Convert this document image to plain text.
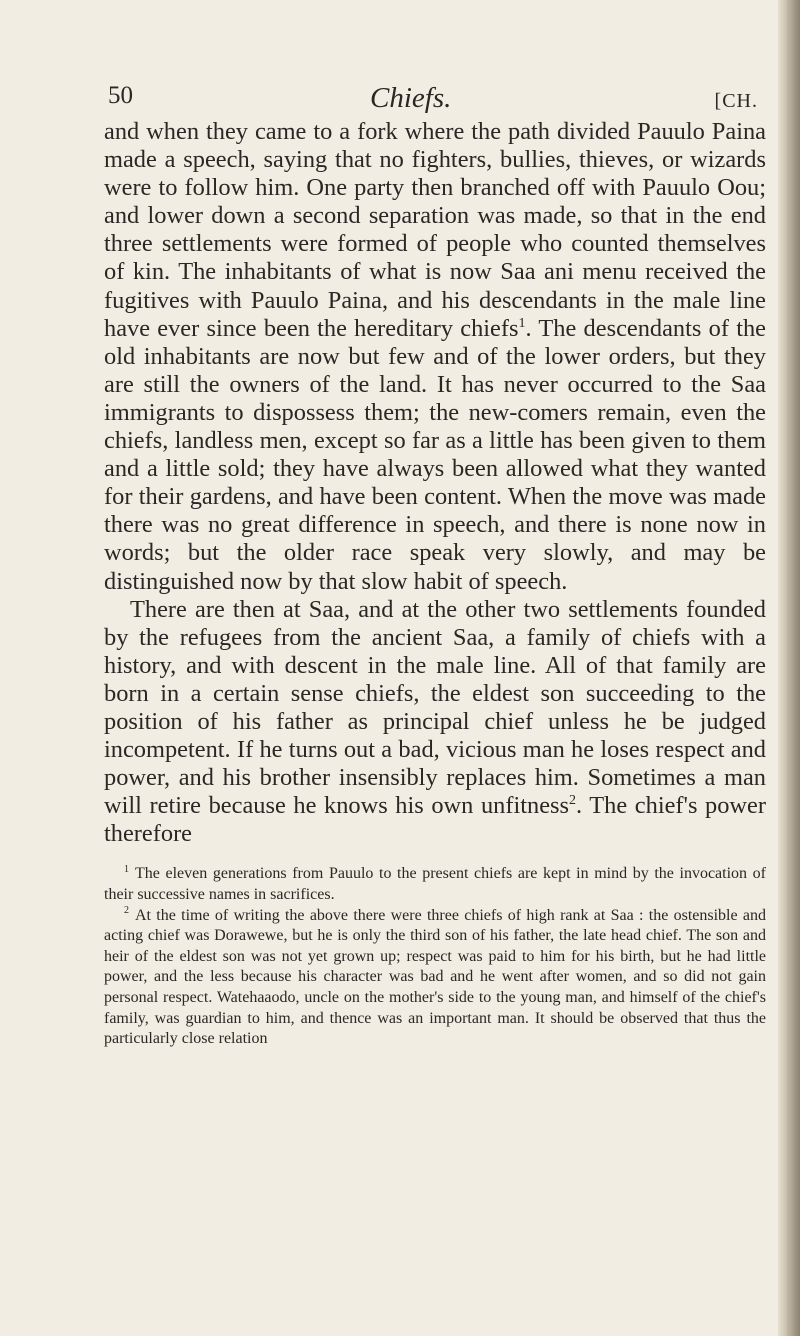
50	Chiefs.	[CH.

and when they came to a fork where the path divided Pauulo Paina made a speech, saying that no fighters, bullies, thieves, or wizards were to follow him. One party then branched off with Pauulo Oou; and lower down a second separation was made, so that in the end three settlements were formed of people who counted themselves of kin. The inhabitants of what is now Saa ani menu received the fugitives with Pauulo Paina, and his descendants in the male line have ever since been the hereditary chiefs$^1$. The descendants of the old inhabitants are now but few and of the lower orders, but they are still the owners of the land. It has never occurred to the Saa immigrants to dispossess them; the new-comers remain, even the chiefs, landless men, except so far as a little has been given to them and a little sold; they have always been allowed what they wanted for their gardens, and have been content. When the move was made there was no great difference in speech, and there is none now in words; but the older race speak very slowly, and may be distinguished now by that slow habit of speech.

There are then at Saa, and at the other two settlements founded by the refugees from the ancient Saa, a family of chiefs with a history, and with descent in the male line. All of that family are born in a certain sense chiefs, the eldest son succeeding to the position of his father as principal chief unless he be judged incompetent. If he turns out a bad, vicious man he loses respect and power, and his brother insensibly replaces him. Sometimes a man will retire because he knows his own unfitness$^2$. The chief's power therefore

$^1$ The eleven generations from Pauulo to the present chiefs are kept in mind by the invocation of their successive names in sacrifices.

$^2$ At the time of writing the above there were three chiefs of high rank at Saa : the ostensible and acting chief was Dorawewe, but he is only the third son of his father, the late head chief. The son and heir of the eldest son was not yet grown up; respect was paid to him for his birth, but he had little power, and the less because his character was bad and he went after women, and so did not gain personal respect. Watehaaodo, uncle on the mother's side to the young man, and himself of the chief's family, was guardian to him, and thence was an important man. It should be observed that thus the particularly close relation
